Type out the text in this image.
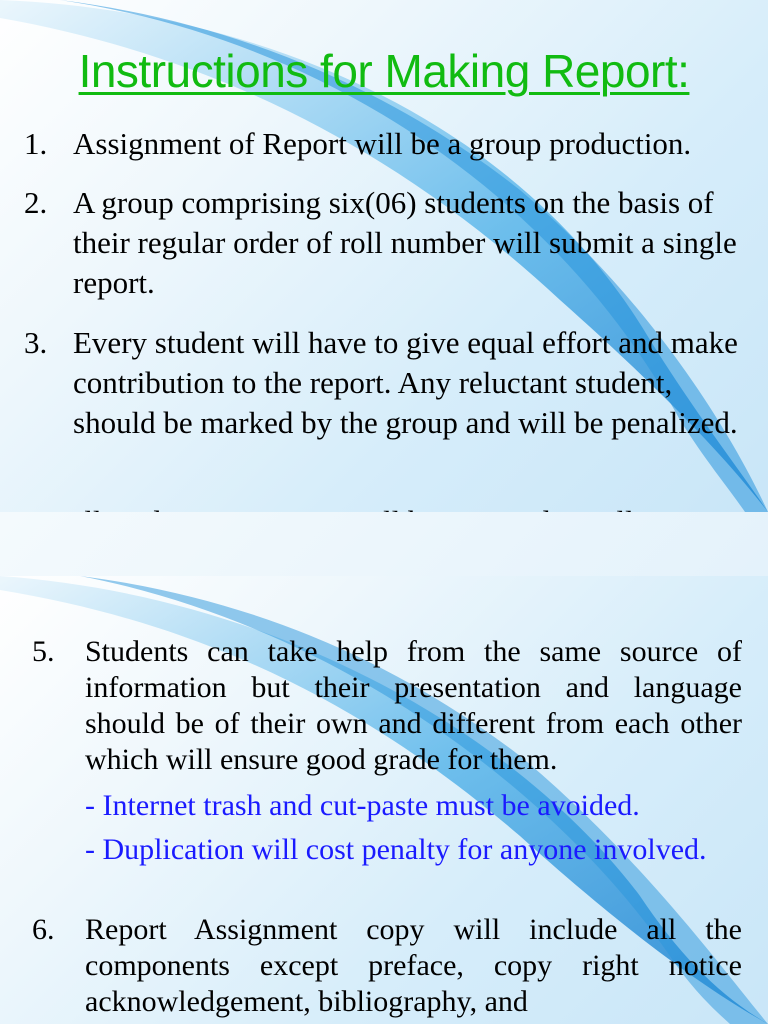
Instructions for Making Report:
1. Assignment of Report will be a group production.
2. A group comprising six(06) students on the basis of their regular order of roll number will submit a single report.
3. Every student will have to give equal effort and make contribution to the report. Any reluctant student, should be marked by the group and will be penalized.
5. Students can take help from the same source of information but their presentation and language should be of their own and different from each other which will ensure good grade for them.
- Internet trash and cut-paste must be avoided.
- Duplication will cost penalty for anyone involved.
6. Report Assignment copy will include all the components except preface, copy right notice acknowledgement, bibliography, and
